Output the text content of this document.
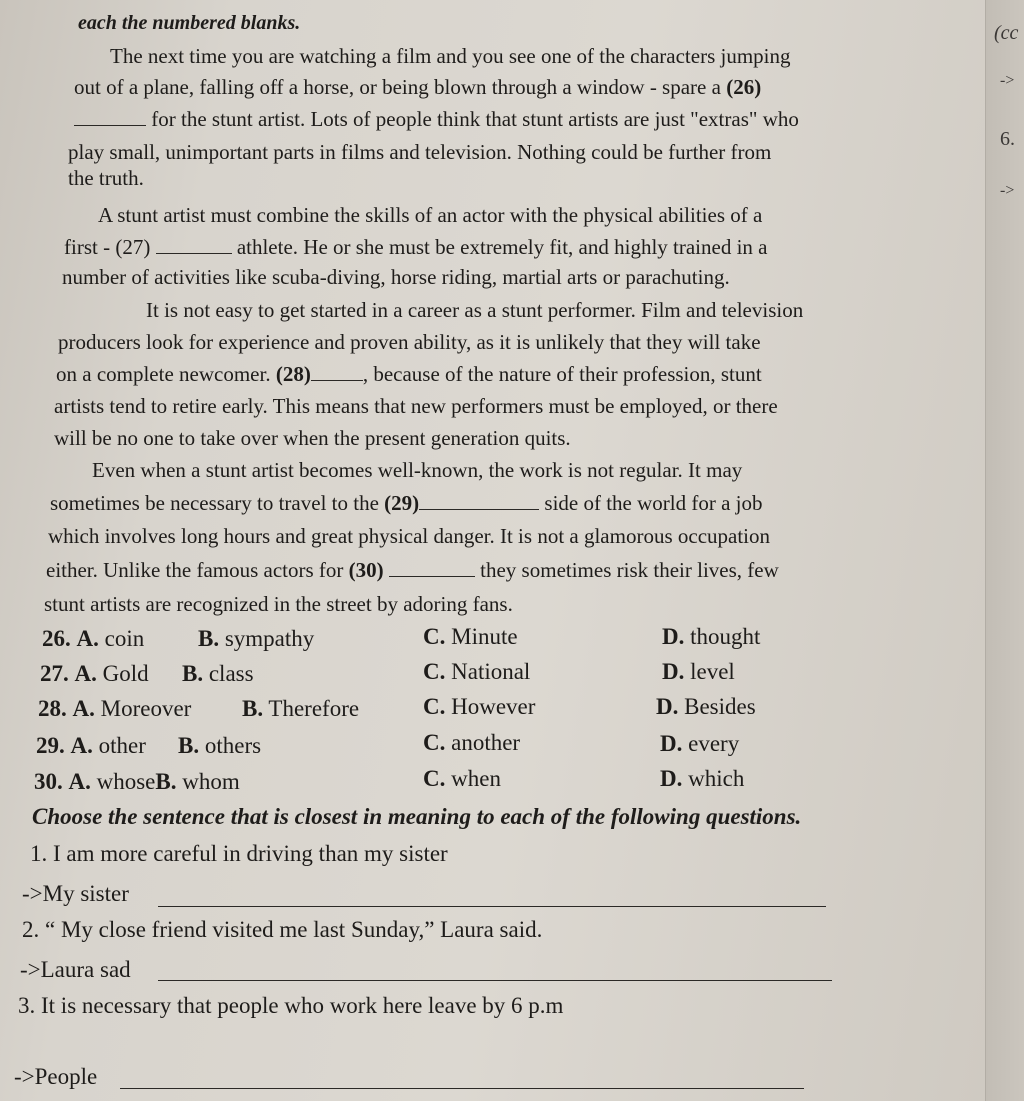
each the numbered blanks.
The next time you are watching a film and you see one of the characters jumping
out of a plane, falling off a horse, or being blown through a window - spare a (26)
for the stunt artist. Lots of people think that stunt artists are just "extras" who
play small, unimportant parts in films and television. Nothing could be further from
the truth.
A stunt artist must combine the skills of an actor with the physical abilities of a
first - (27)	athlete. He or she must be extremely fit, and highly trained in a
number of activities like scuba-diving, horse riding, martial arts or parachuting.
It is not easy to get started in a career as a stunt performer. Film and television
producers look for experience and proven ability, as it is unlikely that they will take
on a complete newcomer. (28) , because of the nature of their profession, stunt
artists tend to retire early. This means that new performers must be employed, or there
will be no one to take over when the present generation quits.
Even when a stunt artist becomes well-known, the work is not regular. It may
sometimes be necessary to travel to the (29)	side of the world for a job
which involves long hours and great physical danger. It is not a glamorous occupation
either. Unlike the famous actors for (30)	they sometimes risk their lives, few
stunt artists are recognized in the street by adoring fans.
26. A. coin B. sympathy	C. Minute	D. thought
27. A. Gold B. class	C. National	D. level
28. A. Moreover B. Therefore	C. However	D. Besides
29. A. other B. others	C. another	D. every
30. A. whoseB. whom	C. when	D. which
Choose the sentence that is closest in meaning to each of the following questions.
1. I am more careful in driving than my sister
->My sister
2. “ My close friend visited me last Sunday,” Laura said.
->Laura sad
3. It is necessary that people who work here leave by 6 p.m
->People
(cc
->
6.
->
